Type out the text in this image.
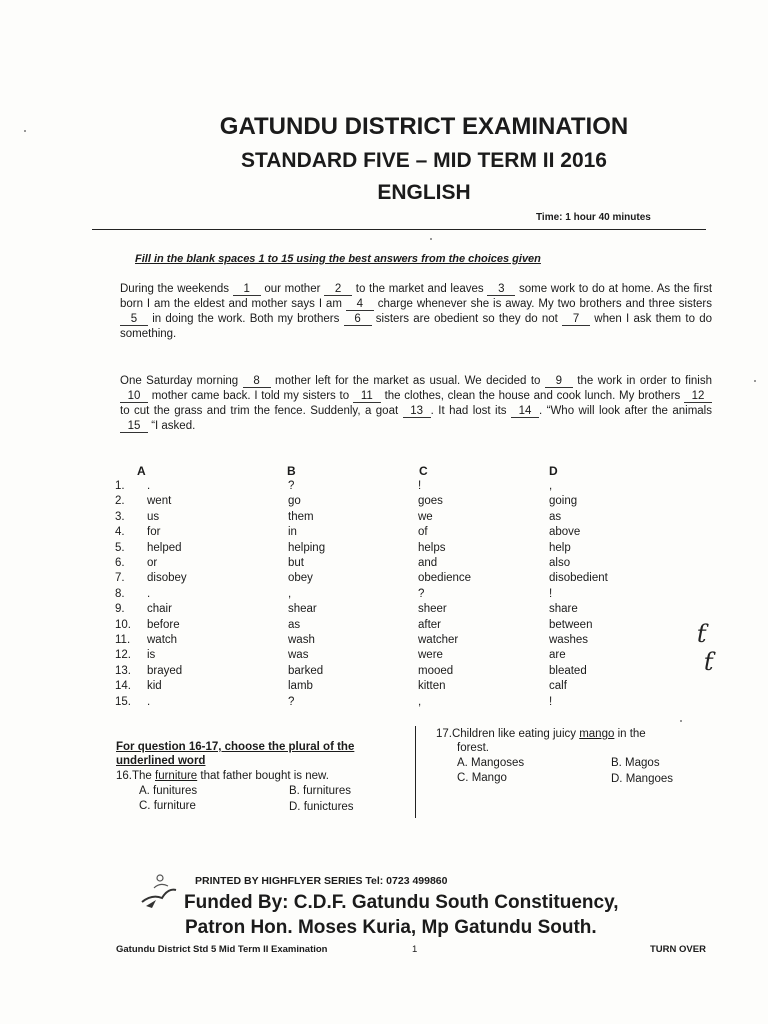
GATUNDU DISTRICT EXAMINATION
STANDARD FIVE – MID TERM II 2016
ENGLISH
Time: 1 hour 40 minutes
Fill in the blank spaces 1 to 15 using the best answers from the choices given
During the weekends 1 our mother 2 to the market and leaves 3 some work to do at home. As the first born I am the eldest and mother says I am 4 charge whenever she is away. My two brothers and three sisters 5 in doing the work. Both my brothers 6 sisters are obedient so they do not 7 when I ask them to do something.
One Saturday morning 8 mother left for the market as usual. We decided to 9 the work in order to finish 10 mother came back. I told my sisters to 11 the clothes, clean the house and cook lunch. My brothers 12 to cut the grass and trim the fence. Suddenly, a goat 13 . It had lost its 14 . “Who will look after the animals 15 “I asked.
A	B	C	D
1. .	?	!	,
2. went	go	goes	going
3. us	them	we	as
4. for	in	of	above
5. helped	helping	helps	help
6. or	but	and	also
7. disobey	obey	obedience	disobedient
8. .	,	?	!
9. chair	shear	sheer	share
10. before	as	after	between
11. watch	wash	watcher	washes
12. is	was	were	are
13. brayed	barked	mooed	bleated
14. kid	lamb	kitten	calf
15. .	?	,	!
For question 16-17, choose the plural of the
underlined word
16.The furniture that father bought is new.
A. funitures	B. furnitures
C. furniture	D. funictures
17.Children like eating juicy mango in the
forest.
A. Mangoses	B. Magos
C. Mango	D. Mangoes
PRINTED BY HIGHFLYER SERIES Tel: 0723 499860
Funded By: C.D.F. Gatundu South Constituency,
Patron Hon. Moses Kuria, Mp Gatundu South.
Gatundu District Std 5 Mid Term II Examination	1	TURN OVER
ƭ
ƭ
